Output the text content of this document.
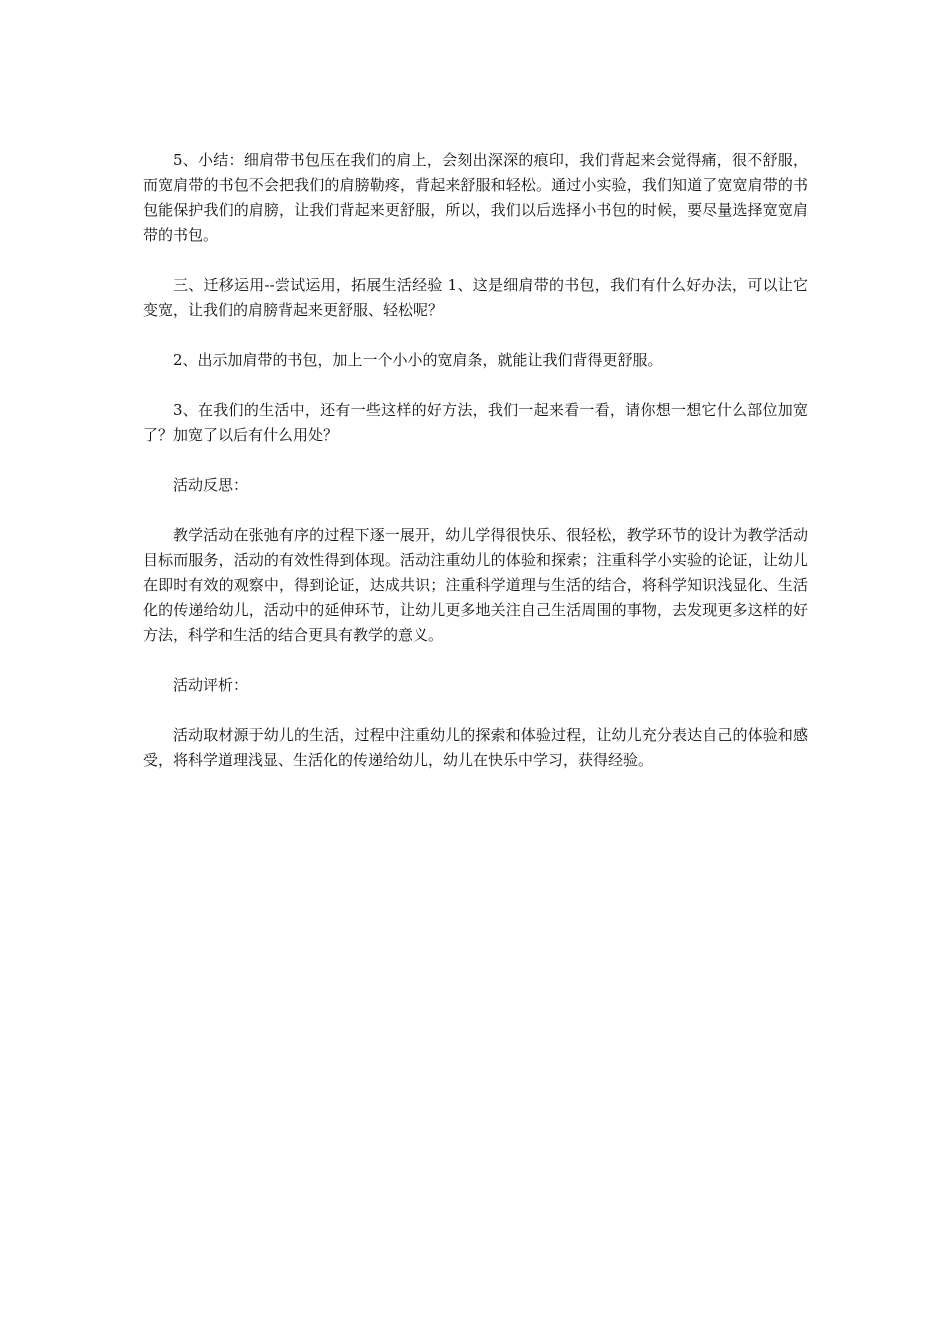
5、小结：细肩带书包压在我们的肩上，会刻出深深的痕印，我们背起来会觉得痛，很不舒服，而宽肩带的书包不会把我们的肩膀勒疼，背起来舒服和轻松。通过小实验，我们知道了宽宽肩带的书包能保护我们的肩膀，让我们背起来更舒服，所以，我们以后选择小书包的时候，要尽量选择宽宽肩带的书包。

三、迁移运用--尝试运用，拓展生活经验 1、这是细肩带的书包，我们有什么好办法，可以让它变宽，让我们的肩膀背起来更舒服、轻松呢？

2、出示加肩带的书包，加上一个小小的宽肩条，就能让我们背得更舒服。

3、在我们的生活中，还有一些这样的好方法，我们一起来看一看，请你想一想它什么部位加宽了？加宽了以后有什么用处？

活动反思：

教学活动在张弛有序的过程下逐一展开，幼儿学得很快乐、很轻松，教学环节的设计为教学活动目标而服务，活动的有效性得到体现。活动注重幼儿的体验和探索；注重科学小实验的论证，让幼儿在即时有效的观察中，得到论证，达成共识；注重科学道理与生活的结合，将科学知识浅显化、生活化的传递给幼儿，活动中的延伸环节，让幼儿更多地关注自己生活周围的事物，去发现更多这样的好方法，科学和生活的结合更具有教学的意义。

活动评析：

活动取材源于幼儿的生活，过程中注重幼儿的探索和体验过程，让幼儿充分表达自己的体验和感受，将科学道理浅显、生活化的传递给幼儿，幼儿在快乐中学习，获得经验。
